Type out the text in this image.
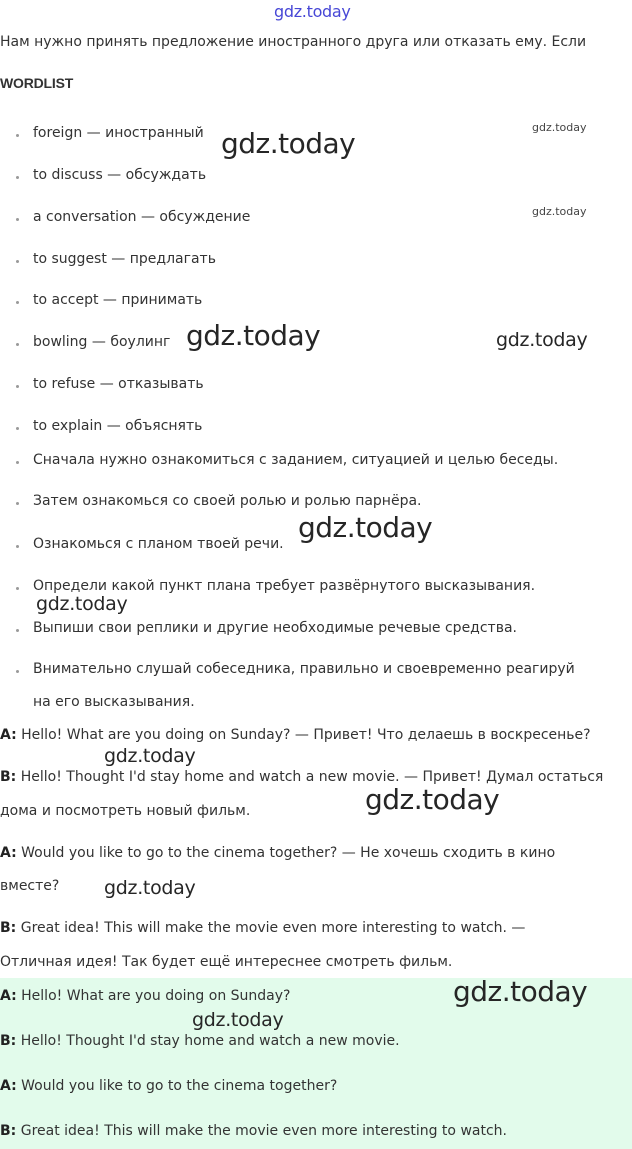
gdz.today
Нам нужно принять предложение иностранного друга или отказать ему. Если
WORDLIST
foreign — иностранный
to discuss — обсуждать
a conversation — обсуждение
to suggest — предлагать
to accept — принимать
bowling — боулинг
to refuse — отказывать
to explain — объяснять
Сначала нужно ознакомиться с заданием, ситуацией и целью беседы.
Затем ознакомься со своей ролью и ролью парнёра.
Ознакомься с планом твоей речи.
Определи какой пункт плана требует развёрнутого высказывания.
Выпиши свои реплики и другие необходимые речевые средства.
Внимательно слушай собеседника, правильно и своевременно реагируй
на его высказывания.
A: Hello! What are you doing on Sunday? — Привет! Что делаешь в воскресенье?
B: Hello! Thought I'd stay home and watch a new movie. — Привет! Думал остаться
дома и посмотреть новый фильм.
A: Would you like to go to the cinema together? — Не хочешь сходить в кино
вместе?
B: Great idea! This will make the movie even more interesting to watch. —
Отличная идея! Так будет ещё интереснее смотреть фильм.
A: Hello! What are you doing on Sunday?
B: Hello! Thought I'd stay home and watch a new movie.
A: Would you like to go to the cinema together?
B: Great idea! This will make the movie even more interesting to watch.
gdz.today	gdz.today
gdz.today
gdz.today	gdz.today
gdz.today
gdz.today
gdz.today
gdz.today
gdz.today
gdz.today
gdz.today
